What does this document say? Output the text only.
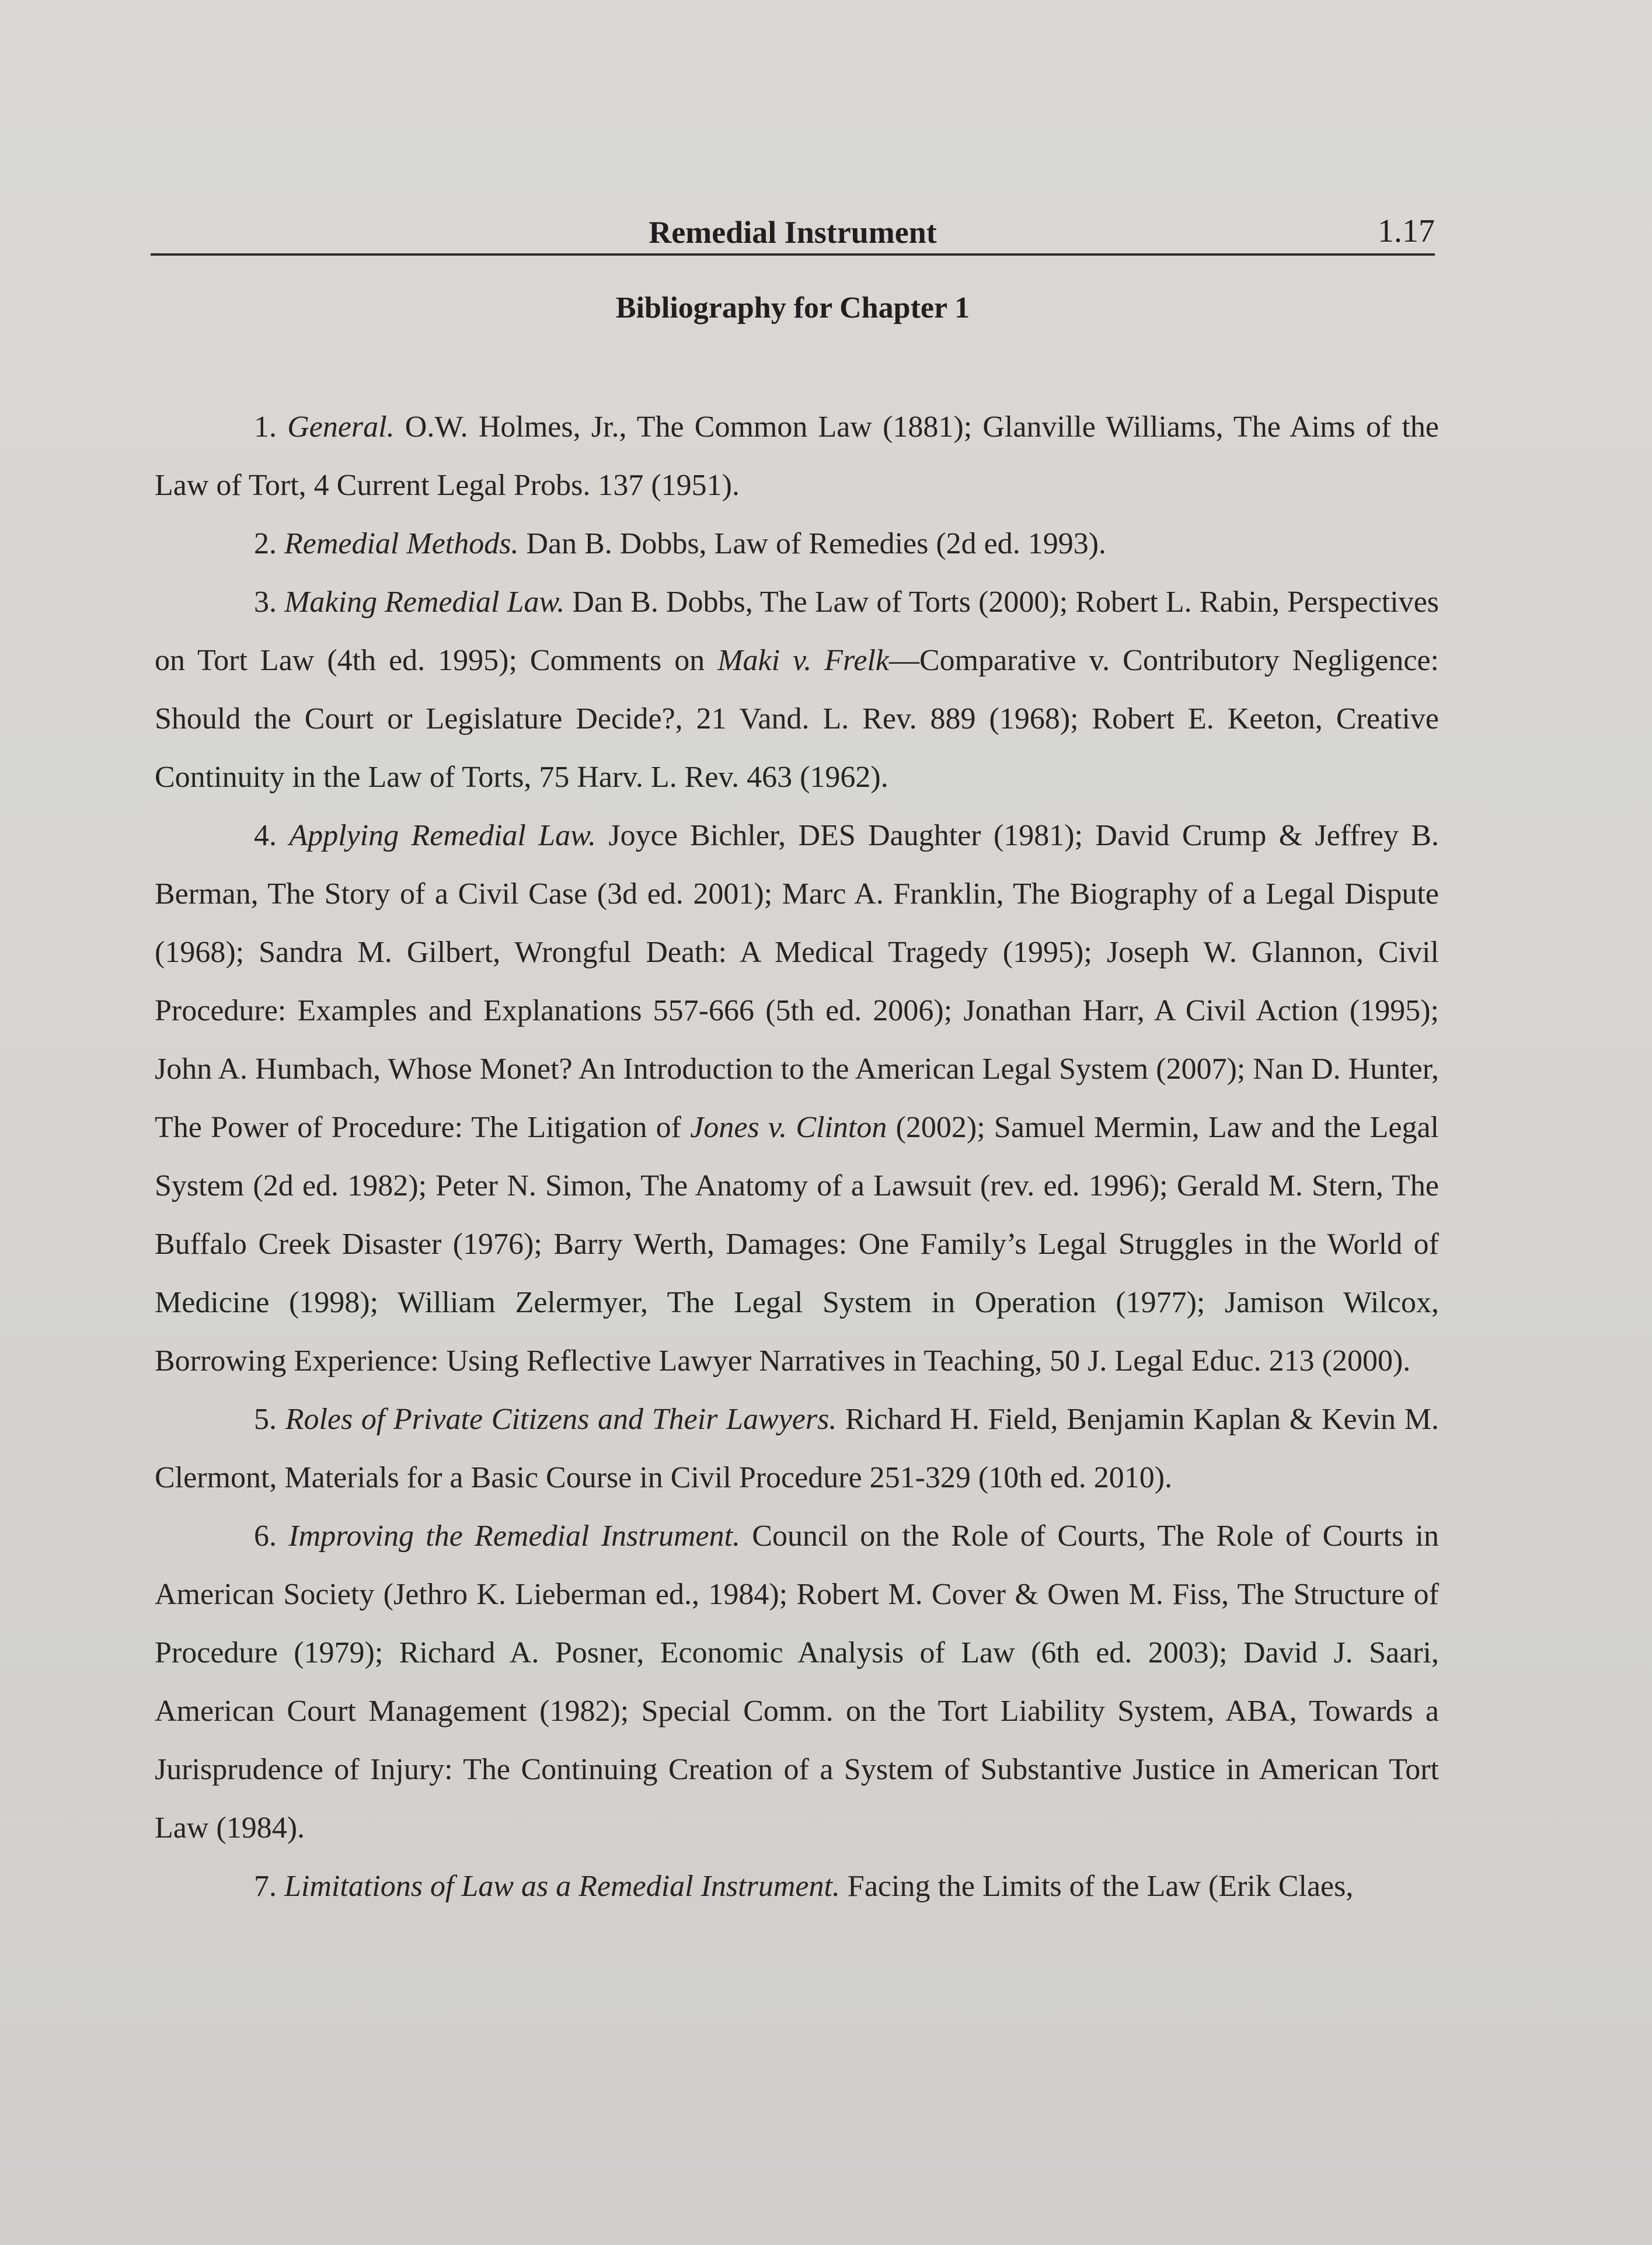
Remedial Instrument	1.17
Bibliography for Chapter 1

1. General. O.W. Holmes, Jr., The Common Law (1881); Glanville Williams, The Aims of the Law of Tort, 4 Current Legal Probs. 137 (1951).

2. Remedial Methods. Dan B. Dobbs, Law of Remedies (2d ed. 1993).

3. Making Remedial Law. Dan B. Dobbs, The Law of Torts (2000); Robert L. Rabin, Perspectives on Tort Law (4th ed. 1995); Comments on Maki v. Frelk—Comparative v. Contributory Negligence: Should the Court or Legislature Decide?, 21 Vand. L. Rev. 889 (1968); Robert E. Keeton, Creative Continuity in the Law of Torts, 75 Harv. L. Rev. 463 (1962).

4. Applying Remedial Law. Joyce Bichler, DES Daughter (1981); David Crump & Jeffrey B. Berman, The Story of a Civil Case (3d ed. 2001); Marc A. Franklin, The Biography of a Legal Dispute (1968); Sandra M. Gilbert, Wrongful Death: A Medical Tragedy (1995); Joseph W. Glannon, Civil Procedure: Examples and Explanations 557-666 (5th ed. 2006); Jonathan Harr, A Civil Action (1995); John A. Humbach, Whose Monet? An Introduction to the American Legal System (2007); Nan D. Hunter, The Power of Procedure: The Litigation of Jones v. Clinton (2002); Samuel Mermin, Law and the Legal System (2d ed. 1982); Peter N. Simon, The Anatomy of a Lawsuit (rev. ed. 1996); Gerald M. Stern, The Buffalo Creek Disaster (1976); Barry Werth, Damages: One Family’s Legal Struggles in the World of Medicine (1998); William Zelermyer, The Legal System in Operation (1977); Jamison Wilcox, Borrowing Experience: Using Reflective Lawyer Narratives in Teaching, 50 J. Legal Educ. 213 (2000).

5. Roles of Private Citizens and Their Lawyers. Richard H. Field, Benjamin Kaplan & Kevin M. Clermont, Materials for a Basic Course in Civil Procedure 251-329 (10th ed. 2010).

6. Improving the Remedial Instrument. Council on the Role of Courts, The Role of Courts in American Society (Jethro K. Lieberman ed., 1984); Robert M. Cover & Owen M. Fiss, The Structure of Procedure (1979); Richard A. Posner, Economic Analysis of Law (6th ed. 2003); David J. Saari, American Court Management (1982); Special Comm. on the Tort Liability System, ABA, Towards a Jurisprudence of Injury: The Continuing Creation of a System of Substantive Justice in American Tort Law (1984).

7. Limitations of Law as a Remedial Instrument. Facing the Limits of the Law (Erik Claes,
